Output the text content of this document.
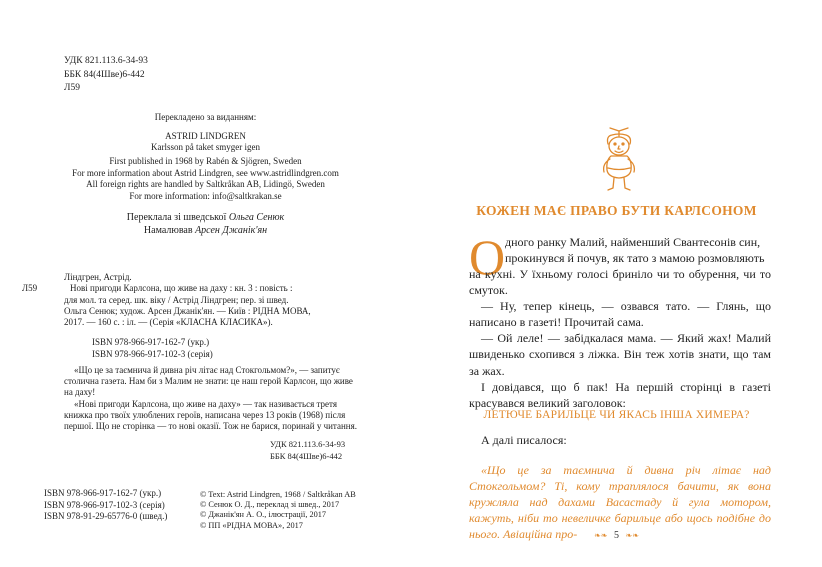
УДК 821.113.6-34-93
ББК 84(4Шве)6-442
Л59
Перекладено за виданням:
ASTRID LINDGREN
Karlsson på taket smyger igen
First published in 1968 by Rabén & Sjögren, Sweden
For more information about Astrid Lindgren, see www.astridlindgren.com
All foreign rights are handled by Saltkråkan AB, Lidingö, Sweden
For more information: info@saltkrakan.se
Переклала зі шведської Ольга Сенюк
Намалював Арсен Джанік'ян
Л59
Ліндгрен, Астрід.
Нові пригоди Карлсона, що живе на даху : кн. 3 : повість :
для мол. та серед. шк. віку / Астрід Ліндгрен; пер. зі швед.
Ольга Сенюк; худож. Арсен Джанік'ян. — Київ : РІДНА МОВА,
2017. — 160 с. : іл. — (Серія «КЛАСНА КЛАСИКА»).
ISBN 978-966-917-162-7 (укр.)
ISBN 978-966-917-102-3 (серія)

«Що це за таємнича й дивна річ літає над Стокгольмом?», — запитує столична газета. Нам би з Малим не знати: це наш герой Карлсон, що живе на даху!

«Нові пригоди Карлсона, що живе на даху» — так називається третя книжка про твоїх улюблених героїв, написана через 13 років (1968) після першої. Що не сторінка — то нові оказії. Тож не барися, поринай у читання.

УДК 821.113.6-34-93
ББК 84(4Шве)6-442
ISBN 978-966-917-162-7 (укр.)
ISBN 978-966-917-102-3 (серія)
ISBN 978-91-29-65776-0 (швед.)
© Text: Astrid Lindgren, 1968 / Saltkråkan AB
© Сенюк О. Д., переклад зі швед., 2017
© Джанік'ян А. О., ілюстрації, 2017
© ПП «РІДНА МОВА», 2017
КОЖЕН МАЄ ПРАВО БУТИ КАРЛСОНОМ
О дного ранку Малий, найменший Свантесонів син,
прокинувся й почув, як тато з мамою розмовляють

на кухні. У їхньому голосі бриніло чи то обурення, чи то смуток.

— Ну, тепер кінець, — озвався тато. — Глянь, що написано в газеті! Прочитай сама.

— Ой леле! — забідкалася мама. — Який жах! Малий швиденько схопився з ліжка. Він теж хотів знати, що там за жах.

І довідався, що б пак! На першій сторінці в газеті красувався великий заголовок:

ЛЕТЮЧЕ БАРИЛЬЦЕ ЧИ ЯКАСЬ ІНША ХИМЕРА?
А далі писалося:
«Що це за таємнича й дивна річ літає над Стокгольмом? Ті, кому траплялося бачити, як вона кружляла над дахами Васастаду й гула мотором, кажуть, ніби то невеличке барильце або щось подібне до нього. Авіаційна про-	❧❧ 5 ❧❧
